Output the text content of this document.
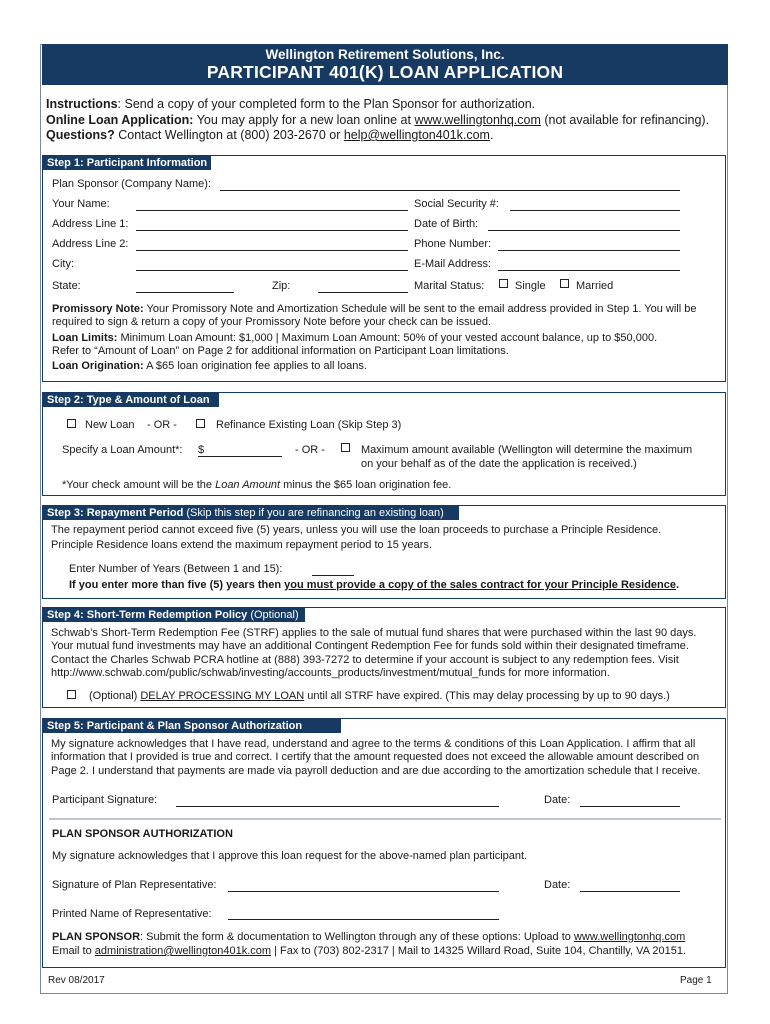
Wellington Retirement Solutions, Inc.
PARTICIPANT 401(K) LOAN APPLICATION
Instructions: Send a copy of your completed form to the Plan Sponsor for authorization.
Online Loan Application: You may apply for a new loan online at www.wellingtonhq.com (not available for refinancing).
Questions? Contact Wellington at (800) 203-2670 or help@wellington401k.com.
Step 1: Participant Information
Plan Sponsor (Company Name):
Your Name:	Social Security #:
Address Line 1:	Date of Birth:
Address Line 2:	Phone Number:
City:	E-Mail Address:
State:	Zip:	Marital Status:	Single	Married
Promissory Note: Your Promissory Note and Amortization Schedule will be sent to the email address provided in Step 1. You will be
required to sign & return a copy of your Promissory Note before your check can be issued.
Loan Limits: Minimum Loan Amount: $1,000 | Maximum Loan Amount: 50% of your vested account balance, up to $50,000.
Refer to “Amount of Loan” on Page 2 for additional information on Participant Loan limitations.
Loan Origination: A $65 loan origination fee applies to all loans.
Step 2: Type & Amount of Loan
New Loan - OR -	Refinance Existing Loan (Skip Step 3)
Specify a Loan Amount*: $	- OR -	Maximum amount available (Wellington will determine the maximum
on your behalf as of the date the application is received.)
*Your check amount will be the Loan Amount minus the $65 loan origination fee.
Step 3: Repayment Period (Skip this step if you are refinancing an existing loan)
The repayment period cannot exceed five (5) years, unless you will use the loan proceeds to purchase a Principle Residence.
Principle Residence loans extend the maximum repayment period to 15 years.
Enter Number of Years (Between 1 and 15):
If you enter more than five (5) years then you must provide a copy of the sales contract for your Principle Residence.
Step 4: Short-Term Redemption Policy (Optional)
Schwab’s Short-Term Redemption Fee (STRF) applies to the sale of mutual fund shares that were purchased within the last 90 days.
Your mutual fund investments may have an additional Contingent Redemption Fee for funds sold within their designated timeframe.
Contact the Charles Schwab PCRA hotline at (888) 393-7272 to determine if your account is subject to any redemption fees. Visit
http://www.schwab.com/public/schwab/investing/accounts_products/investment/mutual_funds for more information.
(Optional) DELAY PROCESSING MY LOAN until all STRF have expired. (This may delay processing by up to 90 days.)
Step 5: Participant & Plan Sponsor Authorization
My signature acknowledges that I have read, understand and agree to the terms & conditions of this Loan Application. I affirm that all
information that I provided is true and correct. I certify that the amount requested does not exceed the allowable amount described on
Page 2. I understand that payments are made via payroll deduction and are due according to the amortization schedule that I receive.
Participant Signature:	Date:
PLAN SPONSOR AUTHORIZATION
My signature acknowledges that I approve this loan request for the above-named plan participant.
Signature of Plan Representative:	Date:
Printed Name of Representative:
PLAN SPONSOR: Submit the form & documentation to Wellington through any of these options: Upload to www.wellingtonhq.com
Email to administration@wellington401k.com | Fax to (703) 802-2317 | Mail to 14325 Willard Road, Suite 104, Chantilly, VA 20151.
Rev 08/2017	Page 1
